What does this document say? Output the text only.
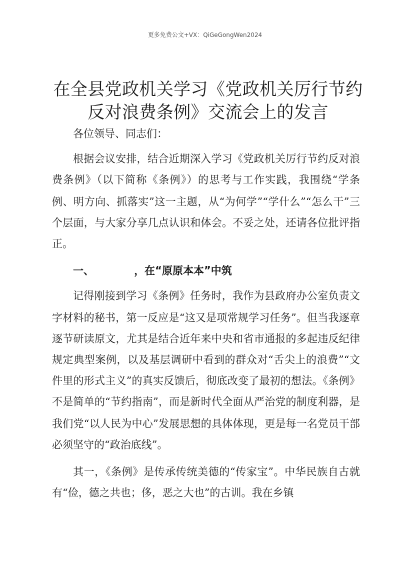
更多免费公文+VX：QiGeGongWen2024
在全县党政机关学习《党政机关厉行节约反对浪费条例》交流会上的发言

各位领导、同志们：

根据会议安排，结合近期深入学习《党政机关厉行节约反对浪费条例》（以下简称《条例》）的思考与工作实践，我围绕“学条例、明方向、抓落实”这一主题，从“为何学”“学什么”“怎么干”三个层面，与大家分享几点认识和体会。不妥之处，还请各位批评指正。

一、	，在“原原本本”中筑

记得刚接到学习《条例》任务时，我作为县政府办公室负责文字材料的秘书，第一反应是“这又是项常规学习任务”。但当我逐章逐节研读原文，尤其是结合近年来中央和省市通报的多起违反纪律规定典型案例，以及基层调研中看到的群众对“舌尖上的浪费”“文件里的形式主义”的真实反馈后，彻底改变了最初的想法。《条例》不是简单的“节约指南”，而是新时代全面从严治党的制度利器，是我们党“以人民为中心”发展思想的具体体现，更是每一名党员干部必须坚守的“政治底线”。

其一，《条例》是传承传统美德的“传家宝”。中华民族自古就有“俭，德之共也；侈，恶之大也”的古训。我在乡镇
